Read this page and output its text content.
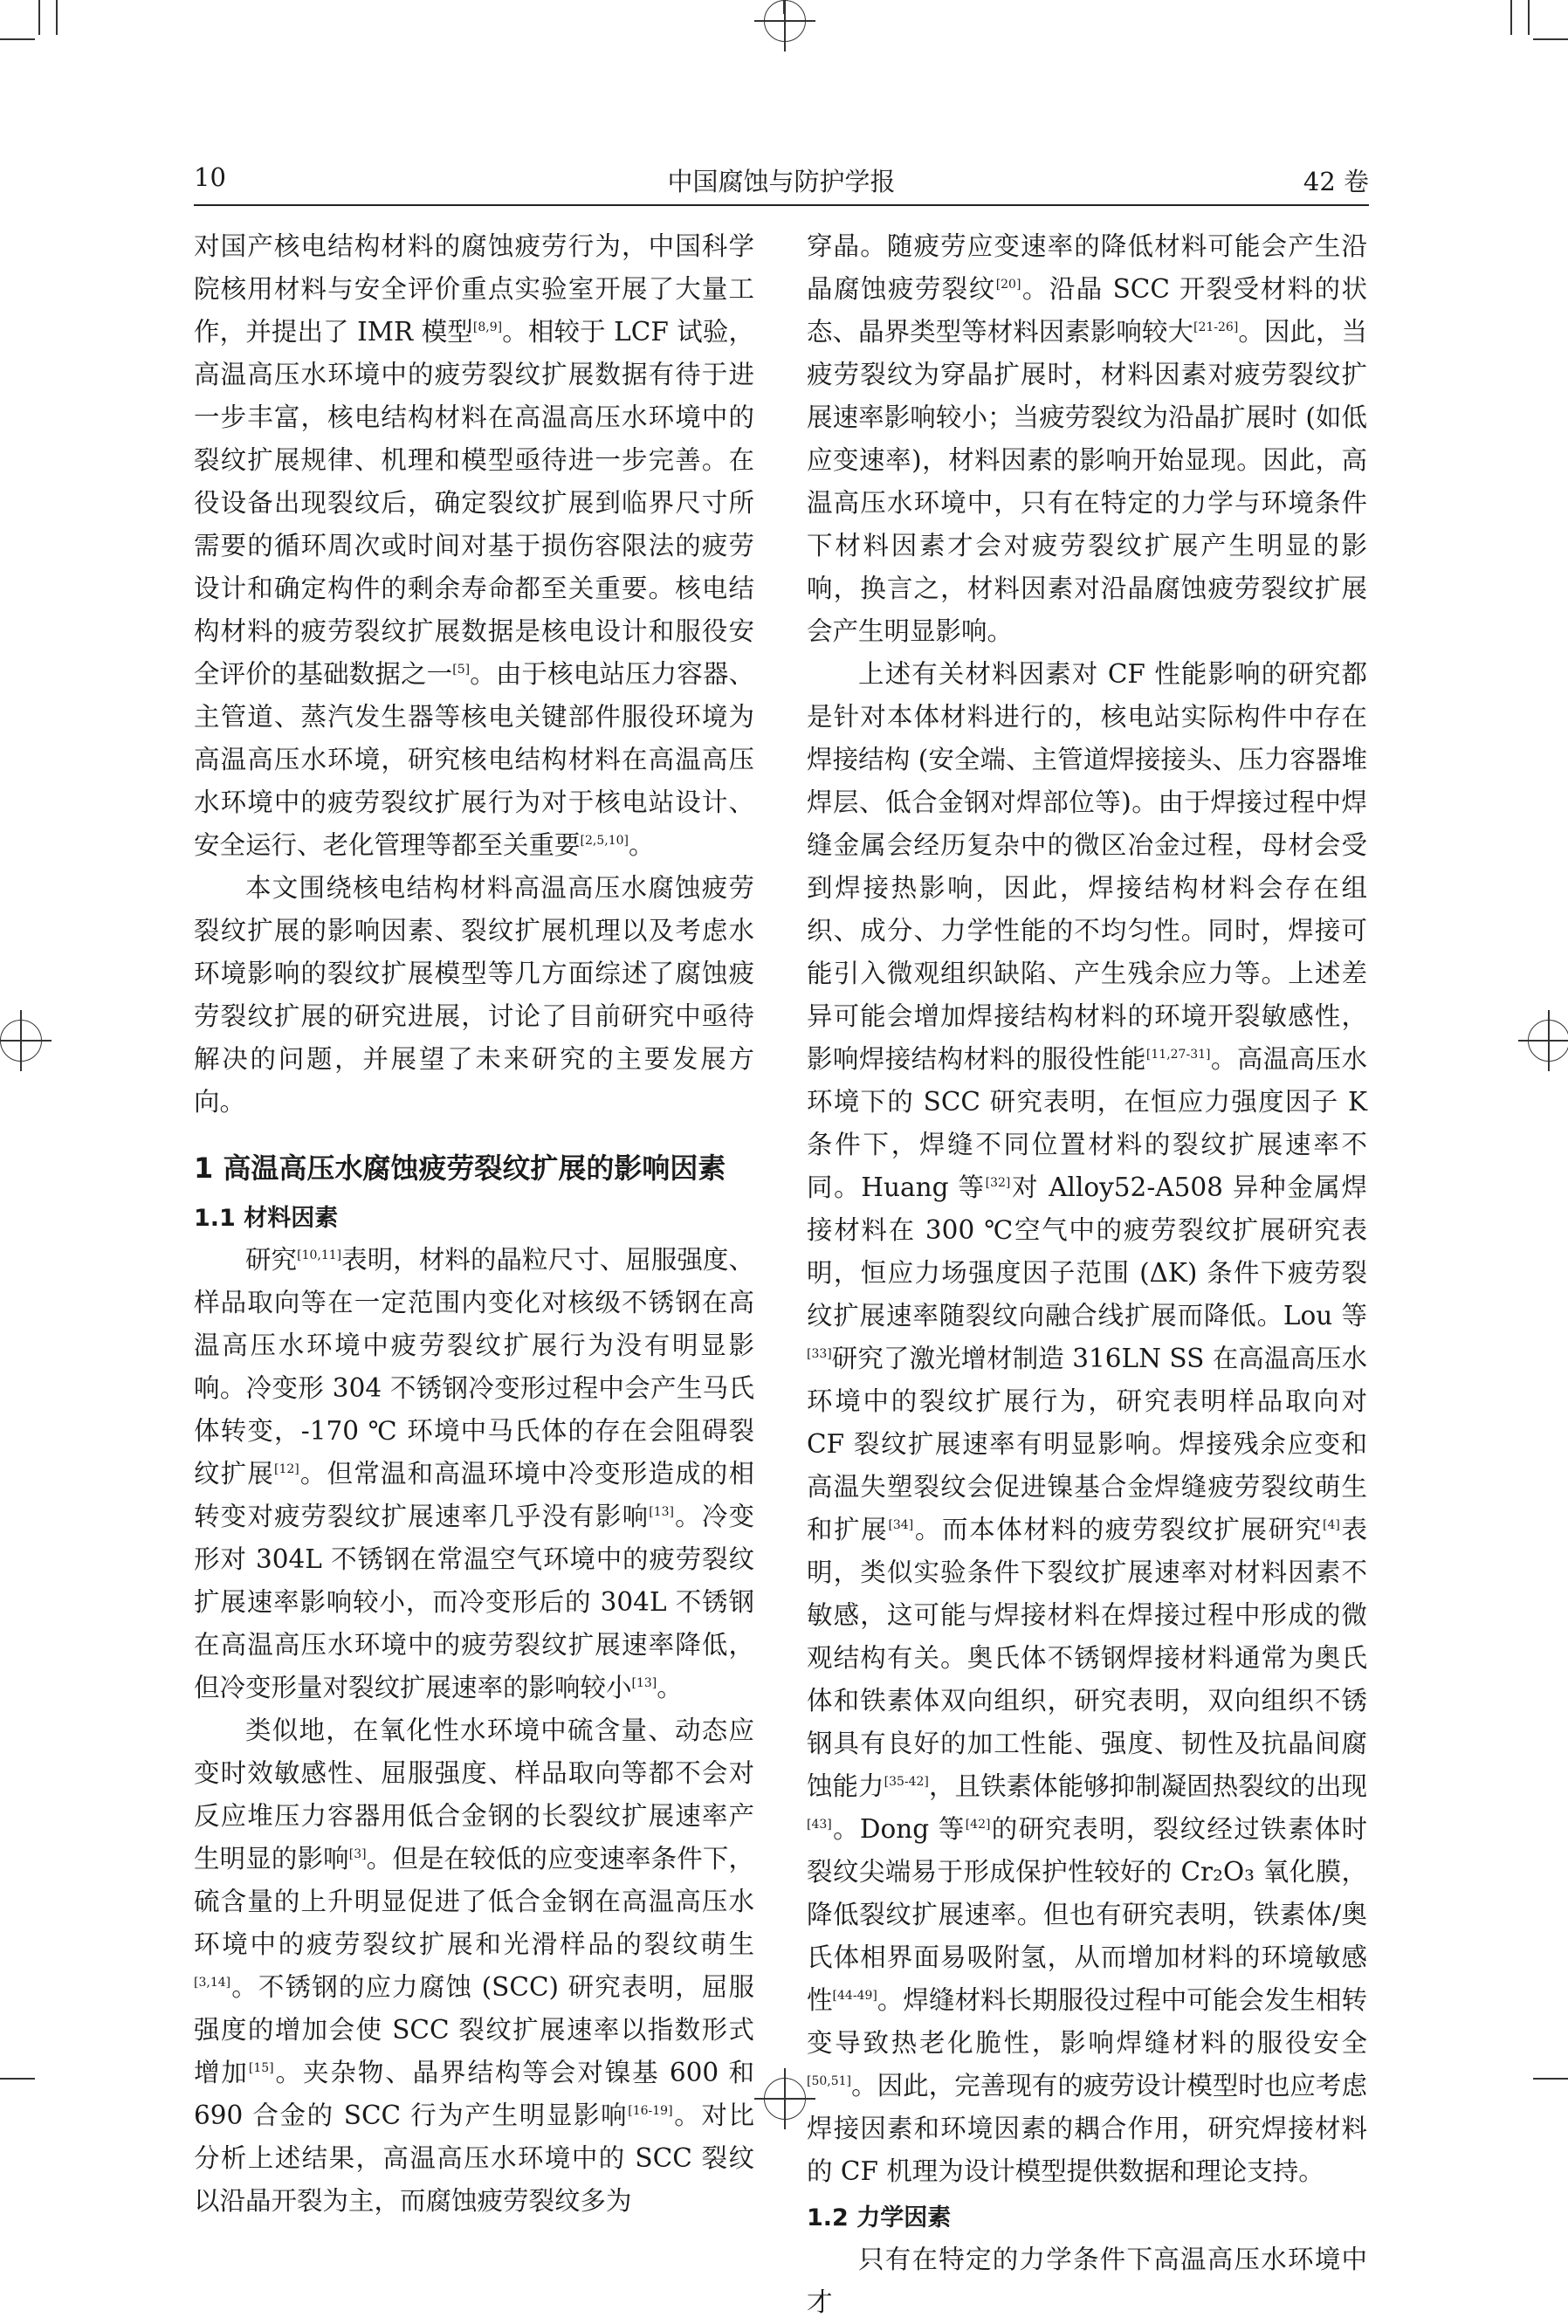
10	中国腐蚀与防护学报	42 卷

对国产核电结构材料的腐蚀疲劳行为，中国科学院核用材料与安全评价重点实验室开展了大量工作，并提出了 IMR 模型[8,9]。相较于 LCF 试验，高温高压水环境中的疲劳裂纹扩展数据有待于进一步丰富，核电结构材料在高温高压水环境中的裂纹扩展规律、机理和模型亟待进一步完善。在役设备出现裂纹后，确定裂纹扩展到临界尺寸所需要的循环周次或时间对基于损伤容限法的疲劳设计和确定构件的剩余寿命都至关重要。核电结构材料的疲劳裂纹扩展数据是核电设计和服役安全评价的基础数据之一[5]。由于核电站压力容器、主管道、蒸汽发生器等核电关键部件服役环境为高温高压水环境，研究核电结构材料在高温高压水环境中的疲劳裂纹扩展行为对于核电站设计、安全运行、老化管理等都至关重要[2,5,10]。

本文围绕核电结构材料高温高压水腐蚀疲劳裂纹扩展的影响因素、裂纹扩展机理以及考虑水环境影响的裂纹扩展模型等几方面综述了腐蚀疲劳裂纹扩展的研究进展，讨论了目前研究中亟待解决的问题，并展望了未来研究的主要发展方向。

1 高温高压水腐蚀疲劳裂纹扩展的影响因素
1.1 材料因素

研究[10,11]表明，材料的晶粒尺寸、屈服强度、样品取向等在一定范围内变化对核级不锈钢在高温高压水环境中疲劳裂纹扩展行为没有明显影响。冷变形 304 不锈钢冷变形过程中会产生马氏体转变，-170 ℃ 环境中马氏体的存在会阻碍裂纹扩展[12]。但常温和高温环境中冷变形造成的相转变对疲劳裂纹扩展速率几乎没有影响[13]。冷变形对 304L 不锈钢在常温空气环境中的疲劳裂纹扩展速率影响较小，而冷变形后的 304L 不锈钢在高温高压水环境中的疲劳裂纹扩展速率降低，但冷变形量对裂纹扩展速率的影响较小[13]。

类似地，在氧化性水环境中硫含量、动态应变时效敏感性、屈服强度、样品取向等都不会对反应堆压力容器用低合金钢的长裂纹扩展速率产生明显的影响[3]。但是在较低的应变速率条件下，硫含量的上升明显促进了低合金钢在高温高压水环境中的疲劳裂纹扩展和光滑样品的裂纹萌生[3,14]。不锈钢的应力腐蚀 (SCC) 研究表明，屈服强度的增加会使 SCC 裂纹扩展速率以指数形式增加[15]。夹杂物、晶界结构等会对镍基 600 和 690 合金的 SCC 行为产生明显影响[16-19]。对比分析上述结果，高温高压水环境中的 SCC 裂纹以沿晶开裂为主，而腐蚀疲劳裂纹多为

穿晶。随疲劳应变速率的降低材料可能会产生沿晶腐蚀疲劳裂纹[20]。沿晶 SCC 开裂受材料的状态、晶界类型等材料因素影响较大[21-26]。因此，当疲劳裂纹为穿晶扩展时，材料因素对疲劳裂纹扩展速率影响较小；当疲劳裂纹为沿晶扩展时 (如低应变速率)，材料因素的影响开始显现。因此，高温高压水环境中，只有在特定的力学与环境条件下材料因素才会对疲劳裂纹扩展产生明显的影响，换言之，材料因素对沿晶腐蚀疲劳裂纹扩展会产生明显影响。

上述有关材料因素对 CF 性能影响的研究都是针对本体材料进行的，核电站实际构件中存在焊接结构 (安全端、主管道焊接接头、压力容器堆焊层、低合金钢对焊部位等)。由于焊接过程中焊缝金属会经历复杂中的微区冶金过程，母材会受到焊接热影响，因此，焊接结构材料会存在组织、成分、力学性能的不均匀性。同时，焊接可能引入微观组织缺陷、产生残余应力等。上述差异可能会增加焊接结构材料的环境开裂敏感性，影响焊接结构材料的服役性能[11,27-31]。高温高压水环境下的 SCC 研究表明，在恒应力强度因子 K 条件下，焊缝不同位置材料的裂纹扩展速率不同。Huang 等[32]对 Alloy52-A508 异种金属焊接材料在 300 ℃空气中的疲劳裂纹扩展研究表明，恒应力场强度因子范围 (ΔK) 条件下疲劳裂纹扩展速率随裂纹向融合线扩展而降低。Lou 等[33]研究了激光增材制造 316LN SS 在高温高压水环境中的裂纹扩展行为，研究表明样品取向对 CF 裂纹扩展速率有明显影响。焊接残余应变和高温失塑裂纹会促进镍基合金焊缝疲劳裂纹萌生和扩展[34]。而本体材料的疲劳裂纹扩展研究[4]表明，类似实验条件下裂纹扩展速率对材料因素不敏感，这可能与焊接材料在焊接过程中形成的微观结构有关。奥氏体不锈钢焊接材料通常为奥氏体和铁素体双向组织，研究表明，双向组织不锈钢具有良好的加工性能、强度、韧性及抗晶间腐蚀能力[35-42]，且铁素体能够抑制凝固热裂纹的出现[43]。Dong 等[42]的研究表明，裂纹经过铁素体时裂纹尖端易于形成保护性较好的 Cr₂O₃ 氧化膜，降低裂纹扩展速率。但也有研究表明，铁素体/奥氏体相界面易吸附氢，从而增加材料的环境敏感性[44-49]。焊缝材料长期服役过程中可能会发生相转变导致热老化脆性，影响焊缝材料的服役安全[50,51]。因此，完善现有的疲劳设计模型时也应考虑焊接因素和环境因素的耦合作用，研究焊接材料的 CF 机理为设计模型提供数据和理论支持。

1.2 力学因素

只有在特定的力学条件下高温高压水环境中才
